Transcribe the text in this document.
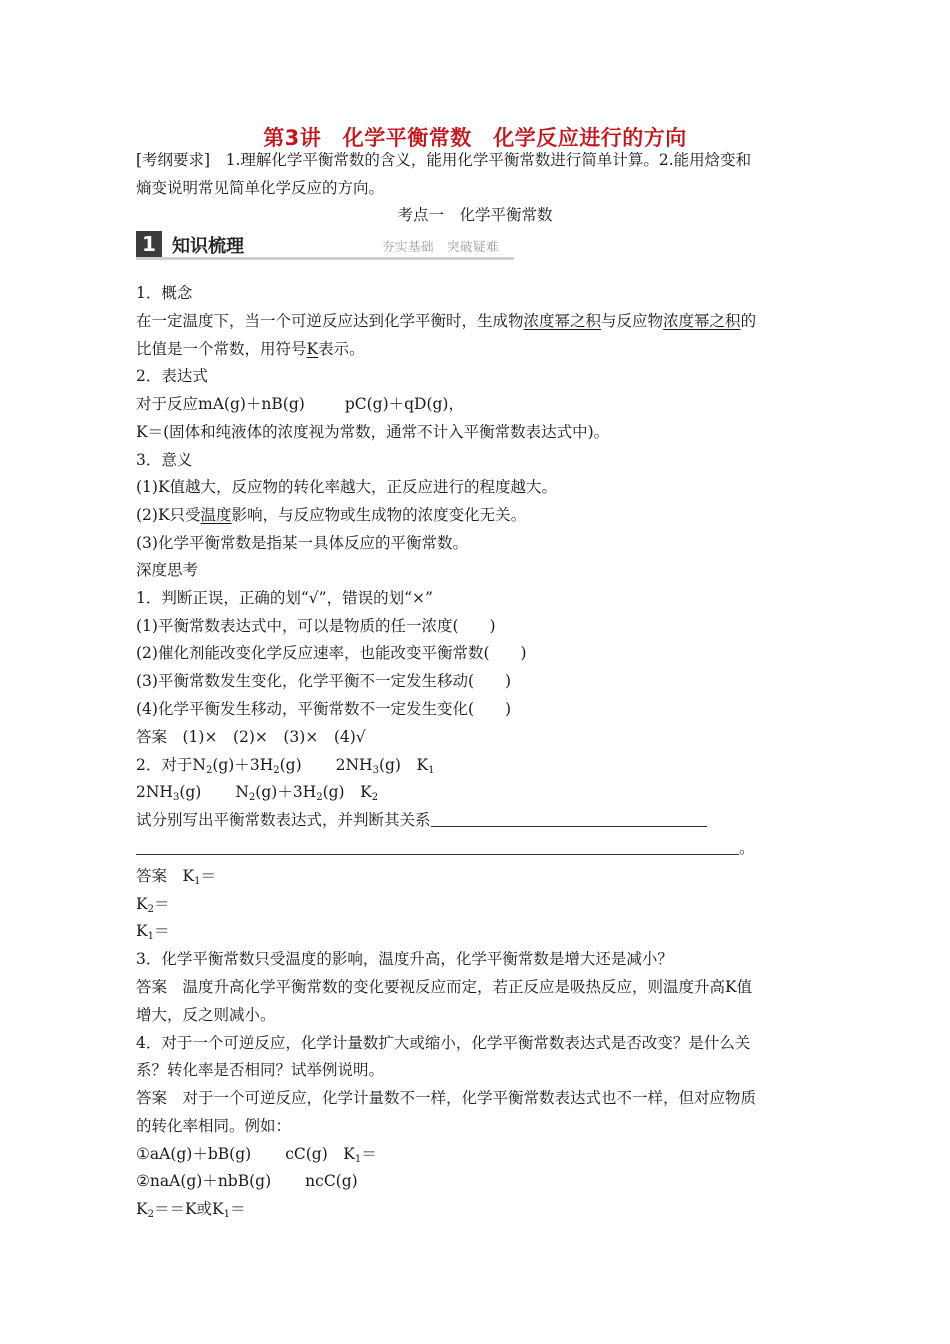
第3讲　化学平衡常数　化学反应进行的方向
[考纲要求]　1.理解化学平衡常数的含义，能用化学平衡常数进行简单计算。2.能用焓变和
熵变说明常见简单化学反应的方向。
考点一　化学平衡常数
1 知识梳理	夯实基础　突破疑难
1．概念
在一定温度下，当一个可逆反应达到化学平衡时，生成物浓度幂之积与反应物浓度幂之积的
比值是一个常数，用符号K表示。
2．表达式
对于反应mA(g)＋nB(g)	pC(g)＋qD(g)，
K＝(固体和纯液体的浓度视为常数，通常不计入平衡常数表达式中)。
3．意义
(1)K值越大，反应物的转化率越大，正反应进行的程度越大。
(2)K只受温度影响，与反应物或生成物的浓度变化无关。
(3)化学平衡常数是指某一具体反应的平衡常数。
深度思考
1．判断正误，正确的划“√”，错误的划“×”
(1)平衡常数表达式中，可以是物质的任一浓度(　　)
(2)催化剂能改变化学反应速率，也能改变平衡常数(　　)
(3)平衡常数发生变化，化学平衡不一定发生移动(　　)
(4)化学平衡发生移动，平衡常数不一定发生变化(　　)
答案　(1)×　(2)×　(3)×　(4)√
2．对于$N_2(g)+3H_2(g)$ $2NH_3(g)$　$K_1$
$2NH_3(g)$ $N_2(g)+3H_2(g)$　$K_2$
试分别写出平衡常数表达式，并判断其关系
。
答案　$K_1=$
$K_2=$
$K_1=$
3．化学平衡常数只受温度的影响，温度升高，化学平衡常数是增大还是减小？
答案　温度升高化学平衡常数的变化要视反应而定，若正反应是吸热反应，则温度升高K值
增大，反之则减小。
4．对于一个可逆反应，化学计量数扩大或缩小，化学平衡常数表达式是否改变？是什么关
系？转化率是否相同？试举例说明。
答案　对于一个可逆反应，化学计量数不一样，化学平衡常数表达式也不一样，但对应物质
的转化率相同。例如：
①aA(g)＋bB(g) cC(g)　$K_1=$
②naA(g)＋nbB(g) ncC(g)
$K_2==K$或$K_1=$
